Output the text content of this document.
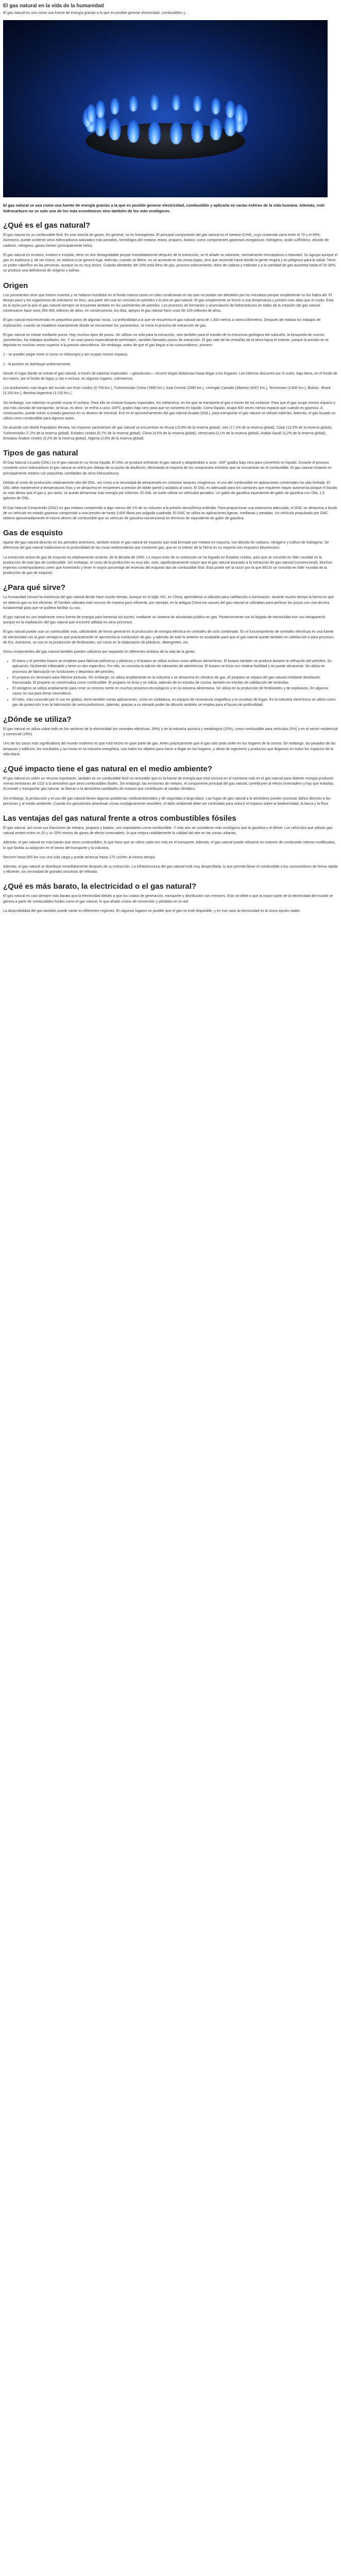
El gas natural en la vida de la humanidad

El gas natural es uno como una fuente de energía gracias a lo que es posible generar electricidad, combustibles y...

El gas natural se usa como una fuente de energía gracias a la que es posible generar electricidad, combustible y aplicarla en varias esferas de la vida humana. Además, este hidrocarburo no se solo uno de los más económicos sino también de los más ecológicos.

¿Qué es el gas natural?

El gas natural es un combustible fósil. Es una mezcla de gases. En general, no es homogénea. El principal componente del gas natural es el metano (CH4), cuyo contenido varía entre el 70 y el 99%. Asimismo, puede contener otros hidrocarburos saturados más pesados, homólogos del metano: etano, propano, butano; como componentes gaseosos inorgánicos: hidrógeno, ácido sulfhídrico, dióxido de carbono, nitrógeno, gases inertes (principalmente helio).

El gas natural es incoloro, inodoro e insípido, tiene un olor desagradable porque inmediatamente después de la extracción, se le añade un odorante, normalmente mercaptanos o etanotiol. Su agrupa aunque el gas es explosivo y, de ser tóxico, se volatiza si se genera fuga. Además, cuando se libera, no se acumula en las zonas bajas, sino que asciende hacia donde la gente respira y es peligroso para la salud. Tiene un poder calorífico en las personas, aunque no es muy tóxico. Cuando alrededor del 10% está lleno de gas, provoca sofocamiento, dolor de cabeza y malestar y a la cantidad de gas aumenta hasta el 20-30%, se produce una deficiencia de oxígeno y asfixia.

Origen

Los yacimientos sirve que fueron muertos y se hallaron hundidos en el fondo marino casen en islas condicionan en las que no podían ser alterados por los microbios porque simplemente no los había allí. El tiempo pasó y los organismos de orientaron en limo, una parte del cual se convirtió en petróleo y la otra en gas natural. El gas simplemente se formó a una temperatura y presión más altas que el crudo. Esta es la razón por la que el gas natural siempre se encuentra también en los yacimientos de petróleo. Los procesos de formación y acumulación de hidrocarburos en todas de la creación del gas natural comenzaron hace unos 350-400 millones de años, en consecuencia, los días, apoyos el gas natural hace unos 50-100 millones de años.

El gas natural está encerrado en pequeños poros de algunas rocas. La profundidad a la que se encuentra el gas natural varía de 1.000 metros a varios kilómetros. Después de realizar los trabajos de exploración, cuando se establece exactamente dónde se encuentran los yacimientos, se inicia el proceso de extracción de gas.

El gas natural se extrae mediante pozos. Hay muchos tipos de pozos. Se utilizan no solo para la extracción, sino también para el estudio de la estructura geológica del subsuelo, la búsqueda de nuevos yacimientos, los trabajos auxiliares, etc. Y se usan pozos especialmente perforados, también llamados pozos de extracción. El gas sale de las entrañas de la tierra hacia el exterior, porque la presión en el depósito es muchas veces superior a la presión atmosférica. Sin embargo, antes de que el gas llegue a los consumidores, primero:

1 - se pueden pegar entre sí como un telescopio y así ocupan menos espacio,

2 - la presión se distribuye uniformemente.

Desde el lugar donde se extrae el gas natural, a través de tuberías especiales —gasoductos— recorre largas distancias hasta llegar a los hogares. Las tuberías discurren por el suelo, bajo tierra, en el fondo de los mares, por el fondo de lagos y ríos e incluso, en algunos lugares, submarinos.

Los productores más largos del mundo son Esto Unidos (8.756 km.), Turkmenistán China (7800 km.), Asia Central (2000 km.), Umingán Canadá (Alberta) (4007 km.), Tennessee (3.400 km.), Bolivia - Brasil (3.150 km.), Berdina Argentina (3.152 km.).

Sin embargo, con tuberías no puede cruzar el océano. Para ello se crearon buques especiales, los metaneros, en los que se transporta el gas a través de los océanos. Para que el gas ocupe menos espacio y sea más cómodo de transportar, se licua, es decir, se enfría a unos 160ºC grados bajo cero para que se convierta en líquido. Como líquido, ocupa 600 veces menos espacio que cuando es gaseoso. A continuación, puede volver a estado gaseoso en su destino de terminal. Ese es el aprovechamiento del gas natural licuado (GNL), para transportar el gas natural se utilizan tuberías. Además, el gas licuado se utiliza como combustible para algunos autos.

De acuerdo con World Population Review, los mayores yacimientos de gas natural se encuentran en Rusia (19,9% de la reserva global), Irán (17,1% de la reserva global), Catar (12,5% de la reserva global), Turkmenistán (7,2% de la reserva global), Estados Unidos (6,7% de la reserva global), China (4,5% de la reserva global), Venezuela (3,1% de la reserva global), Arabia Saudí (3,2% de la reserva global), Emiratos Árabes Unidos (3,2% de la reserva global), Nigeria (2,9% de la reserva global).

Tipos de gas natural

El Gas Natural Licuado (GNL) es el gas natural en su forma líquida. El GNL se produce enfriando el gas natural y adaptándolo a unos -160º grados bajo cero para convertirlo en líquido. Durante el proceso convierte como hidrocarburo el gas natural se enfría por debajo de su punto de ebullición, eliminando la mayoría de los compuestos extraños que se encuentran en el combustible. El gas natural restante es principalmente metano con pequeñas cantidades de otros hidrocarburos.

Debido al costo de producción relativamente alto del GNL, así como a la necesidad de almacenarlo en costosos tanques criogénicos, el uso del combustible en aplicaciones comerciales ha sido limitado. El GNL debe mantenerse a temperaturas frías y se almacena en recipientes a presión de doble pared y aislados al vacío. El GNL es adecuado para los camiones que requieren mayor autonomía porque el líquido es más denso que el gas y, por tanto, se puede almacenar más energía por volumen. El GNL se suele utilizar en vehículos pesados. Un galón de gasolina equivalente de galón de gasolina con GNL 1,5 galones de GNL.

El Gas Natural Comprimido (GNC) es gas metano comprimido a algo menos del 1% de su volumen a la presión atmosférica estándar. Para proporcionar una autonomía adecuada, el GNC se almacena a bordo de un vehículo en estado gaseoso comprimido a una presión de hasta 3.600 libras por pulgada cuadrada. El GNC se utiliza en aplicaciones ligeras, medianas y pesadas. Un vehículo propulsado por GNC obtiene aproximadamente el mismo ahorro de combustible que un vehículo de gasolina convencional en términos de equivalente de galón de gasolina.

Gas de esquisto

Aparte del gas natural descrito en los períodos anteriores, también existe el gas natural de esquisto que está formado por metano en mayoría, con dióxido de carbono, nitrógeno y sulfuro de hidrógeno. Se diferencia del gas natural tradicional en la profundidad de las rocas sedimentarias que contienen gas, que en el interior de la Tierra en su mayoría son esquistos bituminosos.

La extracción activa de gas de esquisto es relativamente reciente, de la década de 2000. Lo mayor éxito de su extracción se ha logrado en Estados Unidos, país que se convirtió en líder mundial en la producción de este tipo de combustible. Sin embargo, el costo de la producción es muy alto, esto, significativamente mayor que el gas natural asociado a la extracción de gas natural (convencional). Muchos expertos contemporáneos creen que fomentarlo y tener el mayor porcentaje de reservas del esquisto tipo de combustible fósil. Esta puede ser la razón por la que EEUU se convirtió en líder mundial de la producción de gas de esquisto.

¿Para qué sirve?

La humanidad conoce la existencia del gas natural desde hace mucho tiempo. Aunque en el siglo XIX, en China, aprendieron a utilizarlo para calefacción e iluminación, durante mucho tiempo la forma en que se obtenía gas no fue eficiente. El hombre utilizaba este recurso de manera poco eficiente, por ejemplo, en la antigua China los cauces del gas natural se utilizaban para perforar los pozos con una técnica fundamental para que se pudiera facilitar su uso.

El gas natural es uno totalmente como fuente de energía para fomentar los bucles, mediante un sistema de alumbrado público en gas. Posteriormente con la llegada de electricidad ese uso desapareció aunque en la explotación del gas natural que encontró utilidad en otros procesos.

El gas natural puede usar un combustible más, utilizándolo de forma general en la producción de energía eléctrica en centrales de ciclo combinado. En el funcionamiento de centrales eléctricas es una fuente de electricidad con la gran ventaja es que prácticamente se aprovecha la combustión de gas, y además de todo lo anterior es aceptable para que el gas natural quede también en calefacción o para procesos de frío. Asimismo, se usa en la producción de fertilizantes, así como en la elaboración de plásticos, detergentes, etc.

Otros componentes del gas natural también pueden utilizarse por separado en diferentes ámbitos de la vida de la gente:

• El etano y el petróleo liviano se emplean para fabricar polímeros y plásticos y el butano se utiliza incluso como aditivos alimenticios. El butano también se produce durante la refinación del petróleo. Su aplicación, fácilmente inflamable y tiene un olor específico. Por ello, no necesita la adición de odorantes de advertencia. El butano se licúa con relativa facilidad y se puede almacenar. Se utiliza en procesos de fabricación en fundiciones y depósitos del petróleo.
• El propano es necesario para fabricar pinturas. Sin embargo, se utiliza ampliamente en la industria o se almacena en cilindros de gas. El propano se separa del gas natural mediante destilación fraccionada. El propano se comercializa como combustible. El propano se licúa y se utiliza, además de en estufas de cocina, también en estufas de calefacción de viviendas.
• El nitrógeno se utiliza ampliamente para crear un entorno inerte en muchos procesos tecnológicos y en la industria alimentaria. Se utiliza en la producción de fertilizantes y de explosivos. En algunos casos se usa para llenar neumáticos.
• El helio, más conocido por el uso en globos, tiene también varias aplicaciones, como en soldadura, en equipos de resonancia magnética y en pruebas de fugas. En la industria electrónica se utiliza como gas de protección o en la fabricación de semiconductores. Además, gracias a su elevado poder de difusión también se emplea para el buceo de profundidad.
¿Dónde se utiliza?

El gas natural se utiliza sobre todo en los sectores de la electricidad (en centrales eléctricas, 39%) y de la industria química y metalúrgica (10%), como combustible para vehículos (5%) y en el sector residencial y comercial (19%).

Uno de los casos más significativos del mundo moderno es que está hecho en gran parte de gas. Antes prácticamente que el gas solo pudo arder en los hogares de la cocina. Sin embargo, los pasados de las lámparas y edificios, los resultados y las horas en la industria energética, casi todos los objetos para hacer a llegar en los hogares, y obras de ingeniería y productos que llegamos en todos los espacios de la vida diaria.

¿Qué impacto tiene el gas natural en el medio ambiente?

El gas natural es sobre un recurso importante, también es un combustible fósil no renovable que es la fuente de energía que está encima en el momento más en el gas natural para obtener energía producen menos emisiones de CO2 a la atmósfera que otros combustibles fósiles. Sin embargo, las emisiones de metano, el componente principal del gas natural, contribuyen al efecto invernadero y hay que evitarlas. Al extraer y transportar gas natural, se liberan a la atmósfera cantidades de metano que contribuyen al cambio climático.

Sin embargo, la producción y el uso del gas natural tienen algunos problemas medioambientales y de seguridad a largo plazo. Las fugas de gas natural a la atmósfera pueden provocar daños directos a las personas y al medio ambiente. Cuando los gasoductos atraviesan zonas ecológicamente sensibles, el daño ambiental debe ser controlado para reducir el impacto sobre la biodiversidad, la fauna y la flora.

Las ventajas del gas natural frente a otros combustibles fósiles

El gas natural, así como sus fracciones de metano, propano y butano, son importantes como combustible. Y más aún se consideran más ecológicos que la gasolina y el diésel. Los vehículos que utilizan gas natural emiten entre un 20 y un 25% menos de gases de efecto invernadero, lo que mejora notablemente la calidad del aire en las zonas urbanas.

Además, el gas natural es más barato que otros combustibles, lo que hace que se utilice cada vez más en el transporte. Además, el gas natural puede utilizarse en motores de combustión interna modificados, lo que facilita su adopción en el sector del transporte y la industria.

Recorre hasta 900 km con una sola carga y puede arrancar hasta 170 coches al mismo tiempo.

Además, el gas natural se distribuye inmediatamente después de su extracción. La infraestructura del gas natural está muy desarrollada, lo que permite llevar el combustible a los consumidores de forma rápida y eficiente, sin necesidad de grandes procesos de refinado.

¿Qué es más barato, la electricidad o el gas natural?

El gas natural es casi siempre más barato que la electricidad debido a que los costos de generación, transporte y distribución son menores. Esto se debe a que la mayor parte de la electricidad del mundo se genera a partir de combustibles fósiles como el gas natural, lo que añade costos de conversión y pérdidas en la red.

La disponibilidad del gas también puede variar en diferentes regiones. En algunos lugares es posible que el gas no esté disponible, y en ese caso la electricidad es la única opción viable.
